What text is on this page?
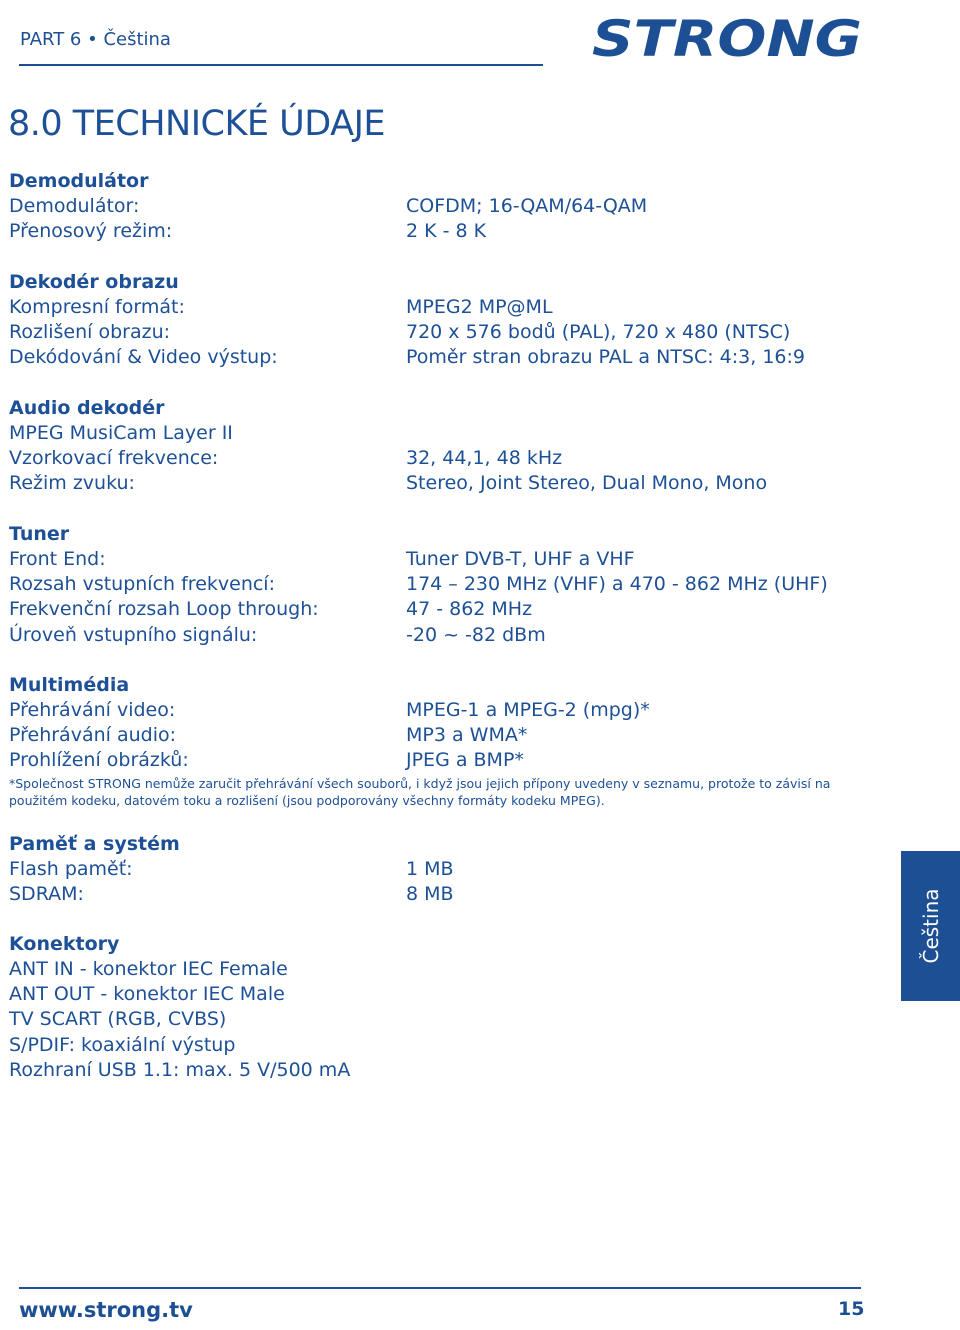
PART 6 • Čeština	STRONG
8.0 TECHNICKÉ ÚDAJE
Demodulátor
Demodulátor:	COFDM; 16-QAM/64-QAM
Přenosový režim:	2 K - 8 K
Dekodér obrazu
Kompresní formát:	MPEG2 MP@ML
Rozlišení obrazu:	720 x 576 bodů (PAL), 720 x 480 (NTSC)
Dekódování & Video výstup:	Poměr stran obrazu PAL a NTSC: 4:3, 16:9
Audio dekodér
MPEG MusiCam Layer II
Vzorkovací frekvence:	32, 44,1, 48 kHz
Režim zvuku:	Stereo, Joint Stereo, Dual Mono, Mono
Tuner
Front End:	Tuner DVB-T, UHF a VHF
Rozsah vstupních frekvencí:	174 – 230 MHz (VHF) a 470 - 862 MHz (UHF)
Frekvenční rozsah Loop through:	47 - 862 MHz
Úroveň vstupního signálu:	-20 ~ -82 dBm
Multimédia
Přehrávání video:	MPEG-1 a MPEG-2 (mpg)*
Přehrávání audio:	MP3 a WMA*
Prohlížení obrázků:	JPEG a BMP*
*Společnost STRONG nemůže zaručit přehrávání všech souborů, i když jsou jejich přípony uvedeny v seznamu, protože to závisí na použitém kodeku, datovém toku a rozlišení (jsou podporovány všechny formáty kodeku MPEG).
Paměť a systém
Flash paměť:	1 MB
SDRAM:	8 MB
Konektory
ANT IN - konektor IEC Female
ANT OUT - konektor IEC Male
TV SCART (RGB, CVBS)
S/PDIF: koaxiální výstup
Rozhraní USB 1.1: max. 5 V/500 mA
Čeština
www.strong.tv	15
